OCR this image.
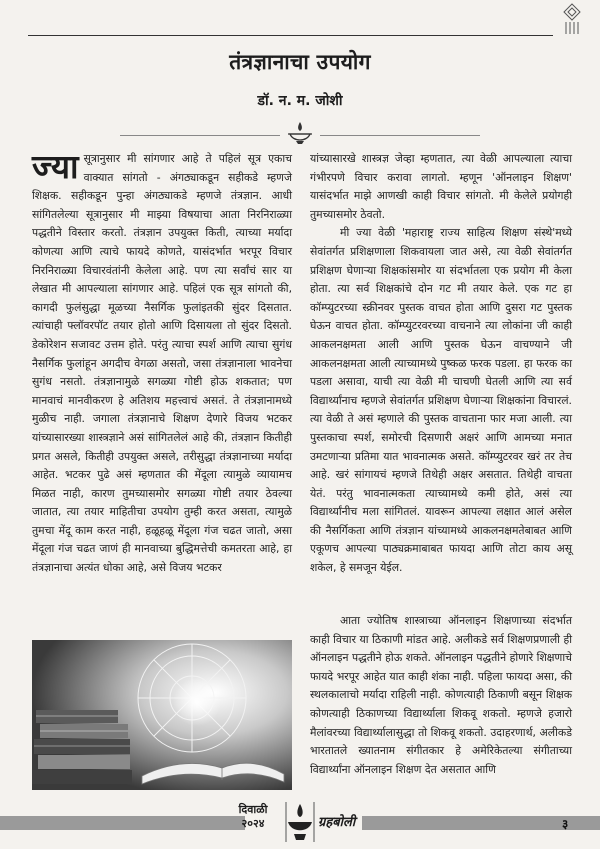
तंत्रज्ञानाचा उपयोग
डॉ. न. म. जोशी

ज्या सूत्रानुसार मी सांगणार आहे ते पहिलं सूत्र एकाच वाक्यात सांगतो - अंगठ्याकडून सहीकडे म्हणजे शिक्षक. सहीकडून पुन्हा अंगठ्याकडे म्हणजे तंत्रज्ञान. आधी सांगितलेल्या सूत्रानुसार मी माझ्या विषयाचा आता निरनिराळ्या पद्धतीने विस्तार करतो. तंत्रज्ञान उपयुक्त किती, त्याच्या मर्यादा कोणत्या आणि त्याचे फायदे कोणते, यासंदर्भात भरपूर विचार निरनिराळ्या विचारवंतांनी केलेला आहे. पण त्या सर्वांचं सार या लेखात मी आपल्याला सांगणार आहे. पहिलं एक सूत्र सांगतो की, कागदी फुलंसुद्धा मूळच्या नैसर्गिक फुलांइतकी सुंदर दिसतात. त्यांचाही फ्लॉवरपॉट तयार होतो आणि दिसायला तो सुंदर दिसतो. डेकोरेशन सजावट उत्तम होते. परंतु त्याचा स्पर्श आणि त्याचा सुगंध नैसर्गिक फुलांहून अगदीच वेगळा असतो, जसा तंत्रज्ञानाला भावनेचा सुगंध नसतो. तंत्रज्ञानामुळे सगळ्या गोष्टी होऊ शकतात; पण मानवाचं मानवीकरण हे अतिशय महत्त्वाचं असतं. ते तंत्रज्ञानामध्ये मुळीच नाही. जगाला तंत्रज्ञानाचे शिक्षण देणारे विजय भटकर यांच्यासारख्या शास्त्रज्ञाने असं सांगितलेलं आहे की, तंत्रज्ञान कितीही प्रगत असले, कितीही उपयुक्त असले, तरीसुद्धा तंत्रज्ञानाच्या मर्यादा आहेत. भटकर पुढे असं म्हणतात की मेंदूला त्यामुळे व्यायामच मिळत नाही, कारण तुमच्यासमोर सगळ्या गोष्टी तयार ठेवल्या जातात, त्या तयार माहितीचा उपयोग तुम्ही करत असता, त्यामुळे तुमचा मेंदू काम करत नाही, हळूहळू मेंदूला गंज चढत जातो, असा मेंदूला गंज चढत जाणं ही मानवाच्या बुद्धिमत्तेची कमतरता आहे, हा तंत्रज्ञानाचा अत्यंत धोका आहे, असे विजय भटकर

यांच्यासारखे शास्त्रज्ञ जेव्हा म्हणतात, त्या वेळी आपल्याला त्याचा गंभीरपणे विचार करावा लागतो. म्हणून 'ऑनलाइन शिक्षण' यासंदर्भात माझे आणखी काही विचार सांगतो. मी केलेले प्रयोगही तुमच्यासमोर ठेवतो.

मी ज्या वेळी 'महाराष्ट्र राज्य साहित्य शिक्षण संस्थे'मध्ये सेवांतर्गत प्रशिक्षणाला शिकवायला जात असे, त्या वेळी सेवांतर्गत प्रशिक्षण घेणाऱ्या शिक्षकांसमोर या संदर्भातला एक प्रयोग मी केला होता. त्या सर्व शिक्षकांचे दोन गट मी तयार केले. एक गट हा कॉम्प्युटरच्या स्क्रीनवर पुस्तक वाचत होता आणि दुसरा गट पुस्तक घेऊन वाचत होता. कॉम्प्युटरवरच्या वाचनाने त्या लोकांना जी काही आकलनक्षमता आली आणि पुस्तक घेऊन वाचण्याने जी आकलनक्षमता आली त्याच्यामध्ये पुष्कळ फरक पडला. हा फरक का पडला असावा, याची त्या वेळी मी चाचणी घेतली आणि त्या सर्व विद्यार्थ्यांनाच म्हणजे सेवांतर्गत प्रशिक्षण घेणाऱ्या शिक्षकांना विचारलं. त्या वेळी ते असं म्हणाले की पुस्तक वाचताना फार मजा आली. त्या पुस्तकाचा स्पर्श, समोरची दिसणारी अक्षरं आणि आमच्या मनात उमटणाऱ्या प्रतिमा यात भावनात्मक असते. कॉम्प्युटरवर खरं तर तेच आहे. खरं सांगायचं म्हणजे तिथेही अक्षर असतात. तिथेही वाचता येतं. परंतु भावनात्मकता त्याच्यामध्ये कमी होते, असं त्या विद्यार्थ्यांनीच मला सांगितलं. यावरून आपल्या लक्षात आलं असेल की नैसर्गिकता आणि तंत्रज्ञान यांच्यामध्ये आकलनक्षमतेबाबत आणि एकूणच आपल्या पाठ्यक्रमाबाबत फायदा आणि तोटा काय असू शकेल, हे समजून येईल.

आता ज्योतिष शास्त्राच्या ऑनलाइन शिक्षणाच्या संदर्भात काही विचार या ठिकाणी मांडत आहे. अलीकडे सर्व शिक्षणप्रणाली ही ऑनलाइन पद्धतीने होऊ शकते. ऑनलाइन पद्धतीने होणारे शिक्षणाचे फायदे भरपूर आहेत यात काही शंका नाही. पहिला फायदा असा, की स्थलकालाचो मर्यादा राहिली नाही. कोणत्याही ठिकाणी बसून शिक्षक कोणत्याही ठिकाणच्या विद्यार्थ्याला शिकवू शकतो. म्हणजे हजारो मैलांवरच्या विद्यार्थ्यालासुद्धा तो शिकवू शकतो. उदाहरणार्थ, अलीकडे भारतातले ख्यातनाम संगीतकार हे अमेरिकेतल्या संगीताच्या विद्यार्थ्यांना ऑनलाइन शिक्षण देत असतात आणि

दिवाळी
२०२४	ग्रहबोली	३
